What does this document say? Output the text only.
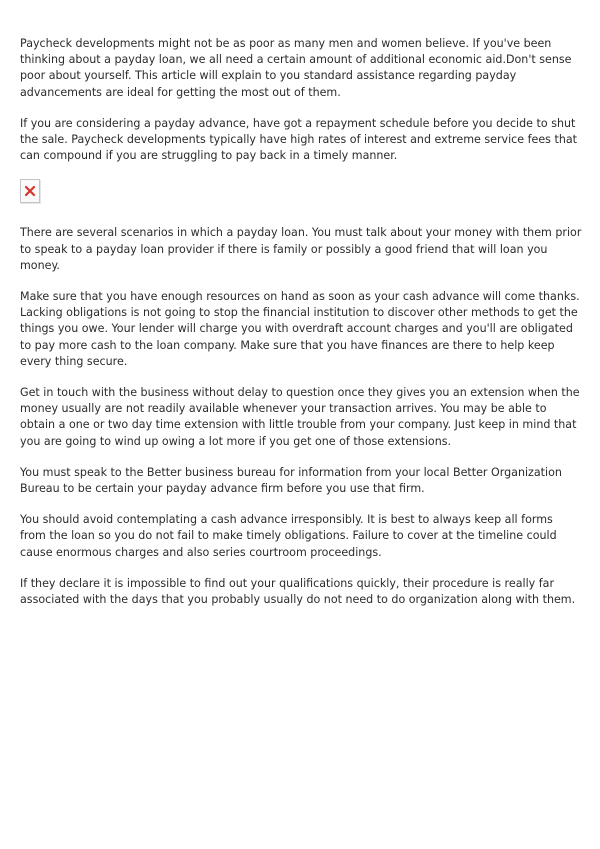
Paycheck developments might not be as poor as many men and women believe. If you've been thinking about a payday loan, we all need a certain amount of additional economic aid.Don't sense poor about yourself. This article will explain to you standard assistance regarding payday advancements are ideal for getting the most out of them.

If you are considering a payday advance, have got a repayment schedule before you decide to shut the sale. Paycheck developments typically have high rates of interest and extreme service fees that can compound if you are struggling to pay back in a timely manner.

There are several scenarios in which a payday loan. You must talk about your money with them prior to speak to a payday loan provider if there is family or possibly a good friend that will loan you money.

Make sure that you have enough resources on hand as soon as your cash advance will come thanks. Lacking obligations is not going to stop the financial institution to discover other methods to get the things you owe. Your lender will charge you with overdraft account charges and you'll are obligated to pay more cash to the loan company. Make sure that you have finances are there to help keep every thing secure.

Get in touch with the business without delay to question once they gives you an extension when the money usually are not readily available whenever your transaction arrives. You may be able to obtain a one or two day time extension with little trouble from your company. Just keep in mind that you are going to wind up owing a lot more if you get one of those extensions.

You must speak to the Better business bureau for information from your local Better Organization Bureau to be certain your payday advance firm before you use that firm.

You should avoid contemplating a cash advance irresponsibly. It is best to always keep all forms from the loan so you do not fail to make timely obligations. Failure to cover at the timeline could cause enormous charges and also series courtroom proceedings.

If they declare it is impossible to find out your qualifications quickly, their procedure is really far associated with the days that you probably usually do not need to do organization along with them.
